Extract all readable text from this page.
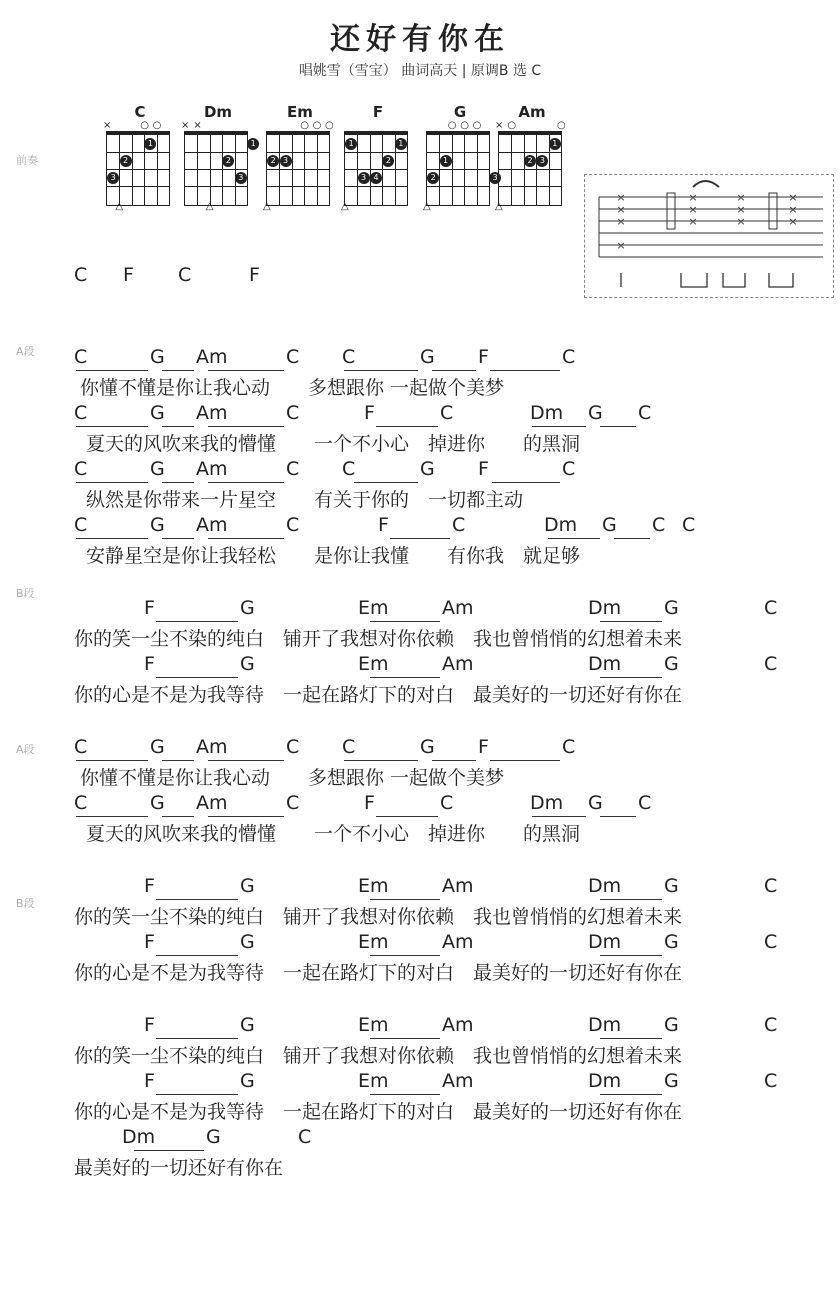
还好有你在
唱姚雪（雪宝） 曲词高天 | 原调B 选 C
前奏
A段
B段
A段
B段
C
1
2
3
×	○ ○
△
Dm
1
2
3
× ×
△
Em
2 3
○ ○ ○
△
F
1	1
2
3 4
△
G
1
2	3
○ ○ ○
△
Am
1
2 3
× ○	○
△
×
×
×
×
×
×
×
×
×
×
×
×
×
C F C	F
C	G Am	C C	G F	C
你懂不懂是你让我心动　　多想跟你 一起做个美梦
C	G Am	C	F	C	Dm G C
夏天的风吹来我的懵懂　　一个不小心　掉进你　　的黑洞
C	G Am	C C	G F	C
纵然是你带来一片星空　　有关于你的　一切都主动
C	G Am	C	F	C	Dm G C C
安静星空是你让我轻松　　是你让我懂　　有你我　就足够
F	G	Em	Am	Dm G	C
你的笑一尘不染的纯白　铺开了我想对你依赖　我也曾悄悄的幻想着未来
F	G	Em	Am	Dm G	C
你的心是不是为我等待　一起在路灯下的对白　最美好的一切还好有你在
C	G Am	C C	G F	C
你懂不懂是你让我心动　　多想跟你 一起做个美梦
C	G Am	C	F	C	Dm G C
夏天的风吹来我的懵懂　　一个不小心　掉进你　　的黑洞
F	G	Em	Am	Dm G	C
你的笑一尘不染的纯白　铺开了我想对你依赖　我也曾悄悄的幻想着未来
F	G	Em	Am	Dm G	C
你的心是不是为我等待　一起在路灯下的对白　最美好的一切还好有你在
F	G	Em	Am	Dm G	C
你的笑一尘不染的纯白　铺开了我想对你依赖　我也曾悄悄的幻想着未来
F	G	Em	Am	Dm G	C
你的心是不是为我等待　一起在路灯下的对白　最美好的一切还好有你在
Dm	G	C
最美好的一切还好有你在
